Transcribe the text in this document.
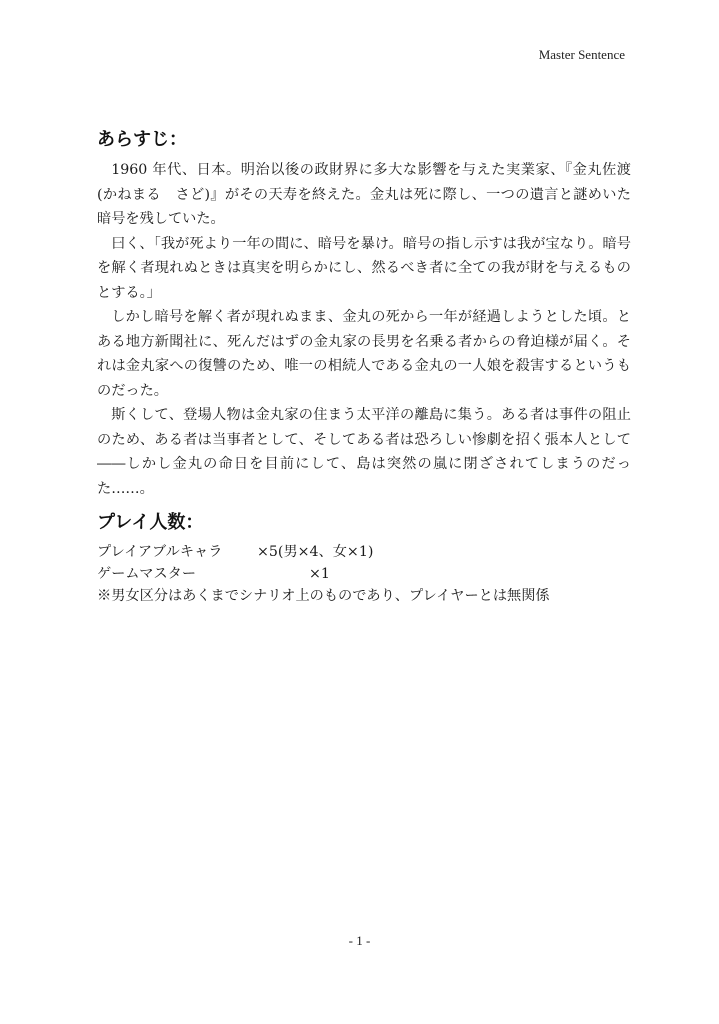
Master Sentence
あらすじ：

1960 年代、日本。明治以後の政財界に多大な影響を与えた実業家、『金丸佐渡(かねまる　さど)』がその天寿を終えた。金丸は死に際し、一つの遺言と謎めいた暗号を残していた。

曰く、「我が死より一年の間に、暗号を暴け。暗号の指し示すは我が宝なり。暗号を解く者現れぬときは真実を明らかにし、然るべき者に全ての我が財を与えるものとする。」

しかし暗号を解く者が現れぬまま、金丸の死から一年が経過しようとした頃。とある地方新聞社に、死んだはずの金丸家の長男を名乗る者からの脅迫様が届く。それは金丸家への復讐のため、唯一の相続人である金丸の一人娘を殺害するというものだった。

斯くして、登場人物は金丸家の住まう太平洋の離島に集う。ある者は事件の阻止のため、ある者は当事者として、そしてある者は恐ろしい惨劇を招く張本人として――しかし金丸の命日を目前にして、島は突然の嵐に閉ざされてしまうのだった……。

プレイ人数：
プレイアブルキャラ ×5(男×4、女×1)
ゲームマスター	×1
※男女区分はあくまでシナリオ上のものであり、プレイヤーとは無関係
- 1 -
